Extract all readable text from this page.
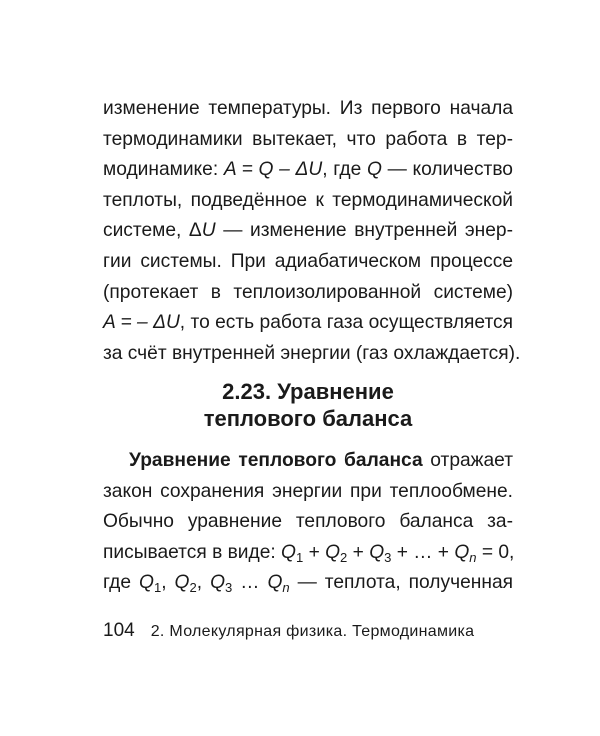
изменение температуры. Из первого начала
термодинамики вытекает, что работа в тер-
модинамике: A = Q – ΔU, где Q — количество
теплоты, подведённое к термодинамической
системе, ΔU — изменение внутренней энер-
гии системы. При адиабатическом процессе
(протекает в теплоизолированной системе)
A = – ΔU, то есть работа газа осуществляется
за счёт внутренней энергии (газ охлаждается).
2.23. Уравнение
теплового баланса
Уравнение теплового баланса отражает
закон сохранения энергии при теплообмене.
Обычно уравнение теплового баланса за-
писывается в виде: $Q_1 + Q_2 + Q_3$ + … + $Q_n = 0$,
где $Q_1$, $Q_2$, $Q_3$ … $Q_n$ — теплота, полученная
104 2. Молекулярная физика. Термодинамика
